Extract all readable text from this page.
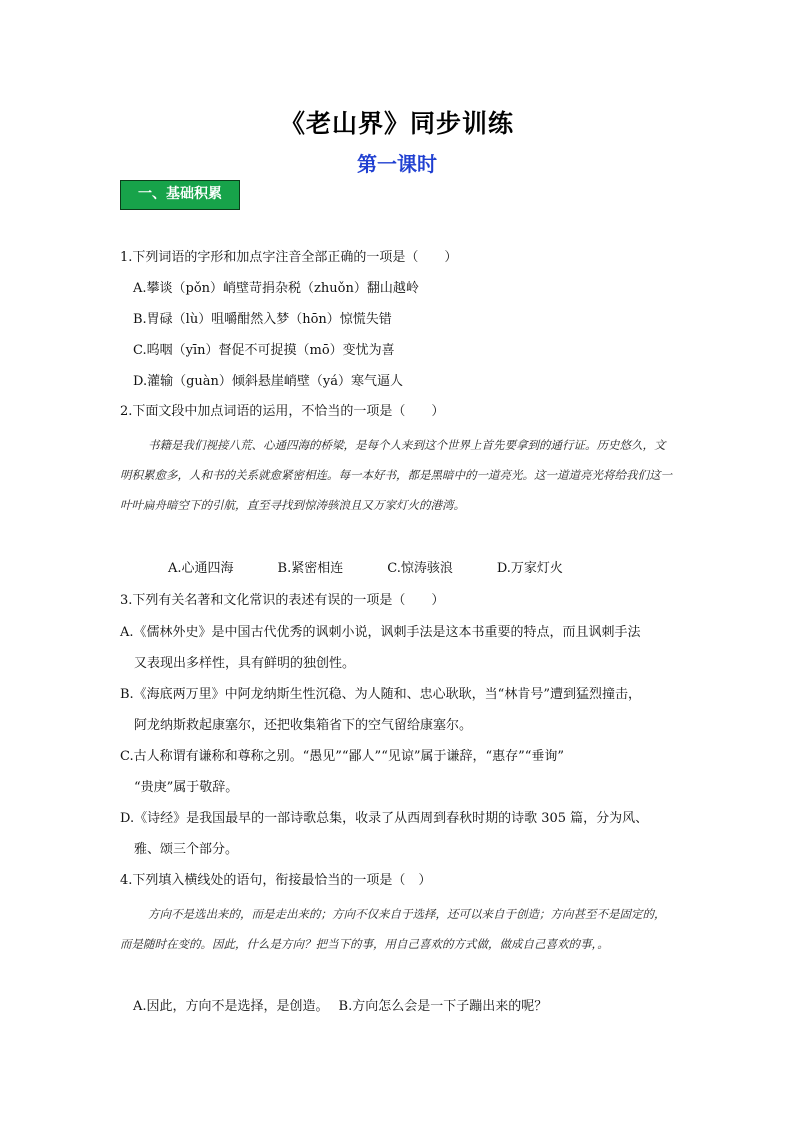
《老山界》同步训练
第一课时
一、基础积累
1.下列词语的字形和加点字注音全部正确的一项是（　　）
A.攀谈（pǒn）峭壁苛捐杂税（zhuǒn）翻山越岭
B.胃碌（lù）咀嚼酣然入梦（hōn）惊慌失错
C.呜咽（yīn）督促不可捉摸（mō）变忧为喜
D.灌输（guàn）倾斜悬崖峭壁（yá）寒气逼人
2.下面文段中加点词语的运用，不恰当的一项是（　　）
书籍是我们视接八荒、心通四海的桥梁，是每个人来到这个世界上首先要拿到的通行证。历史悠久，文明积累愈多，人和书的关系就愈紧密相连。每一本好书，都是黑暗中的一道亮光。这一道道亮光将给我们这一叶叶扁舟暗空下的引航，直至寻找到惊涛骇浪且又万家灯火的港湾。
A.心通四海	B.紧密相连	C.惊涛骇浪	D.万家灯火
3.下列有关名著和文化常识的表述有误的一项是（　　）
A.《儒林外史》是中国古代优秀的讽刺小说，讽刺手法是这本书重要的特点，而且讽刺手法
又表现出多样性，具有鲜明的独创性。
B.《海底两万里》中阿龙纳斯生性沉稳、为人随和、忠心耿耿，当“林肯号”遭到猛烈撞击，
阿龙纳斯救起康塞尔，还把收集箱省下的空气留给康塞尔。
C.古人称谓有谦称和尊称之别。“愚见”“鄙人”“见谅”属于谦辞，“惠存”“垂询”
“贵庚”属于敬辞。
D.《诗经》是我国最早的一部诗歌总集，收录了从西周到春秋时期的诗歌 305 篇，分为风、
雅、颂三个部分。
4.下列填入横线处的语句，衔接最恰当的一项是（　）
方向不是选出来的，而是走出来的；方向不仅来自于选择，还可以来自于创造；方向甚至不是固定的，而是随时在变的。因此，什么是方向？把当下的事，用自己喜欢的方式做，做成自己喜欢的事，。
A.因此，方向不是选择，是创造。 B.方向怎么会是一下子蹦出来的呢？
